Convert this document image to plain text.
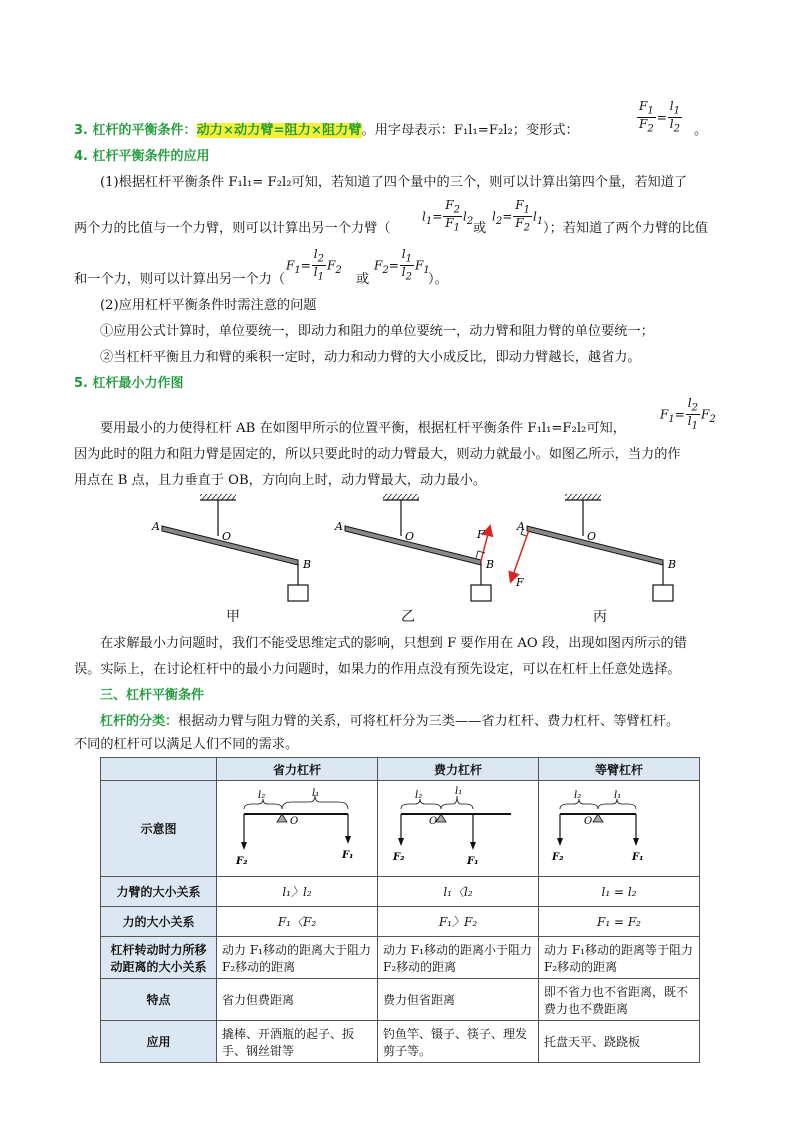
3. 杠杆的平衡条件：动力×动力臂=阻力×阻力臂。用字母表示：F₁l₁=F₂l₂；变形式：	$\frac{F_1}{F_2} = \frac{l_1}{l_2}$ 。
4. 杠杆平衡条件的应用
(1)根据杠杆平衡条件 F₁l₁= F₂l₂可知，若知道了四个量中的三个，则可以计算出第四个量，若知道了
两个力的比值与一个力臂，则可以计算出另一个力臂（
$l_1= \frac{F_2}{F_1} l_2$ 或
$l_2= \frac{F_1}{F_2} l_1$ ）；若知道了两个力臂的比值
和一个力，则可以计算出另一个力（
$F_1= \frac{l_2}{l_1} F_2$
或
$F_2= \frac{l_1}{l_2} F_1$
）。
(2)应用杠杆平衡条件时需注意的问题
①应用公式计算时，单位要统一，即动力和阻力的单位要统一，动力臂和阻力臂的单位要统一；
②当杠杆平衡且力和臂的乘积一定时，动力和动力臂的大小成反比，即动力臂越长，越省力。
5. 杠杆最小力作图
要用最小的力使得杠杆 AB 在如图甲所示的位置平衡，根据杠杆平衡条件 F₁l₁=F₂l₂可知，
$F_1= \frac{l_2}{l_1} F_2$
因为此时的阻力和阻力臂是固定的，所以只要此时的动力臂最大，则动力就最小。如图乙所示，当力的作
用点在 B 点，且力垂直于 OB，方向向上时，动力臂最大，动力最小。
A
O
B
A
O
B
F
A
O
B
F
甲	乙	丙
在求解最小力问题时，我们不能受思维定式的影响，只想到 F 要作用在 AO 段，出现如图丙所示的错
误。实际上，在讨论杠杆中的最小力问题时，如果力的作用点没有预先设定，可以在杠杆上任意处选择。
三、杠杆平衡条件
杠杆的分类：根据动力臂与阻力臂的关系，可将杠杆分为三类——省力杠杆、费力杠杆、等臂杠杆。
不同的杠杆可以满足人们不同的需求。
	省力杠杆	费力杠杆	等臂杠杆
示意图	l₂ l₁
O
F₂
F₁	l₂ l₁
O
F₂ F₁	l₂ l₁
O
F₂ F₁

力臂的大小关系	l₁〉l₂	l₁〈l₂	l₁ = l₂
力的大小关系	F₁〈F₂	F₁〉F₂	F₁ = F₂
杠杆转动时力所移动距离的大小关系	动力 F₁移动的距离大于阻力 F₂移动的距离	动力 F₁移动的距离小于阻力 F₂移动的距离	动力 F₁移动的距离等于阻力 F₂移动的距离
特点	省力但费距离	费力但省距离	即不省力也不省距离，既不费力也不费距离
应用	撬棒、开酒瓶的起子、扳手、钢丝钳等	钓鱼竿、镊子、筷子、理发剪子等。	托盘天平、跷跷板
